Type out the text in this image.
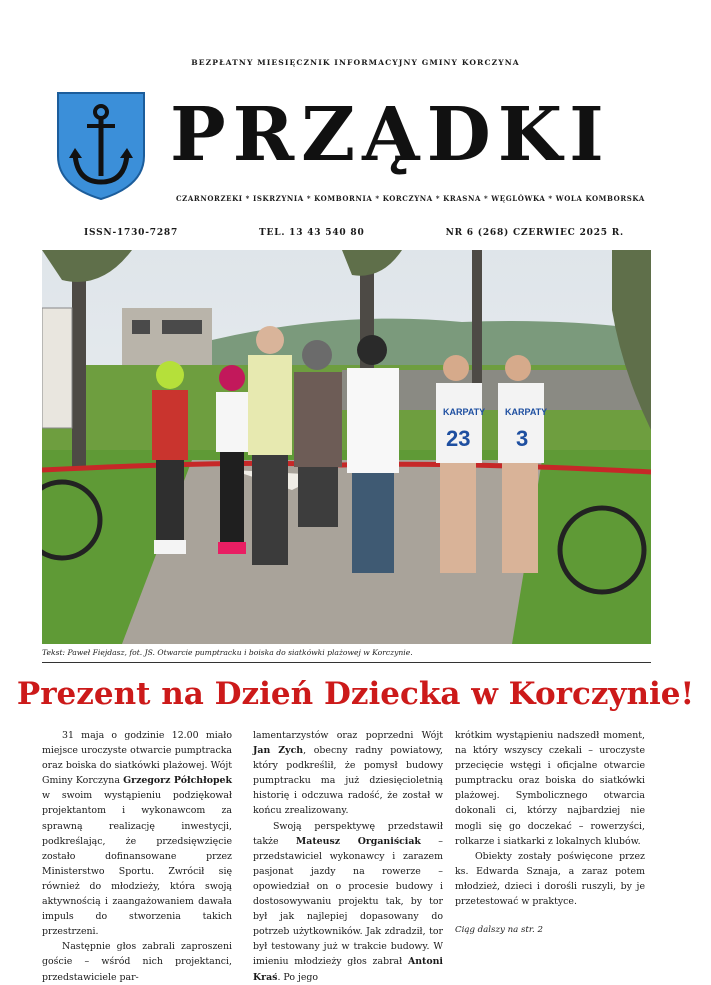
BEZPŁATNY MIESIĘCZNIK INFORMACYJNY GMINY KORCZYNA
PRZĄDKI
CZARNORZEKI * ISKRZYNIA * KOMBORNIA * KORCZYNA * KRASNA * WĘGLÓWKA * WOLA KOMBORSKA
ISSN-1730-7287	TEL. 13 43 540 80	NR 6 (268) CZERWIEC 2025 R.
KARPATY KARPATY
23 3
Tekst: Paweł Fiejdasz, fot. JS. Otwarcie pumptracku i boiska do siatkówki plażowej w Korczynie.
Prezent na Dzień Dziecka w Korczynie!

31 maja o godzinie 12.00 miało miejsce uroczyste otwarcie pumptracka oraz boiska do siatkówki plażowej. Wójt Gminy Korczyna Grzegorz Półchłopek w swoim wystąpieniu podziękował projektantom i wykonawcom za sprawną realizację inwestycji, podkreślając, że przedsięwzięcie zostało dofinansowane przez Ministerstwo Sportu. Zwrócił się również do młodzieży, która swoją aktywnością i zaangażowaniem dawała impuls do stworzenia takich przestrzeni.

Następnie głos zabrali zaproszeni goście – wśród nich projektanci, przedstawiciele par-

lamentarzystów oraz poprzedni Wójt Jan Zych, obecny radny powiatowy, który podkreślił, że pomysł budowy pumptracku ma już dziesięcioletnią historię i odczuwa radość, że został w końcu zrealizowany.

Swoją perspektywę przedstawił także Mateusz Organiściak – przedstawiciel wykonawcy i zarazem pasjonat jazdy na rowerze – opowiedział on o procesie budowy i dostosowywaniu projektu tak, by tor był jak najlepiej dopasowany do potrzeb użytkowników. Jak zdradził, tor był testowany już w trakcie budowy. W imieniu młodzieży głos zabrał Antoni Kraś. Po jego

krótkim wystąpieniu nadszedł moment, na który wszyscy czekali – uroczyste przecięcie wstęgi i oficjalne otwarcie pumptracku oraz boiska do siatkówki plażowej. Symbolicznego otwarcia dokonali ci, którzy najbardziej nie mogli się go doczekać – rowerzyści, rolkarze i siatkarki z lokalnych klubów.

Obiekty zostały poświęcone przez ks. Edwarda Sznaja, a zaraz potem młodzież, dzieci i dorośli ruszyli, by je przetestować w praktyce.

Ciąg dalszy na str. 2
